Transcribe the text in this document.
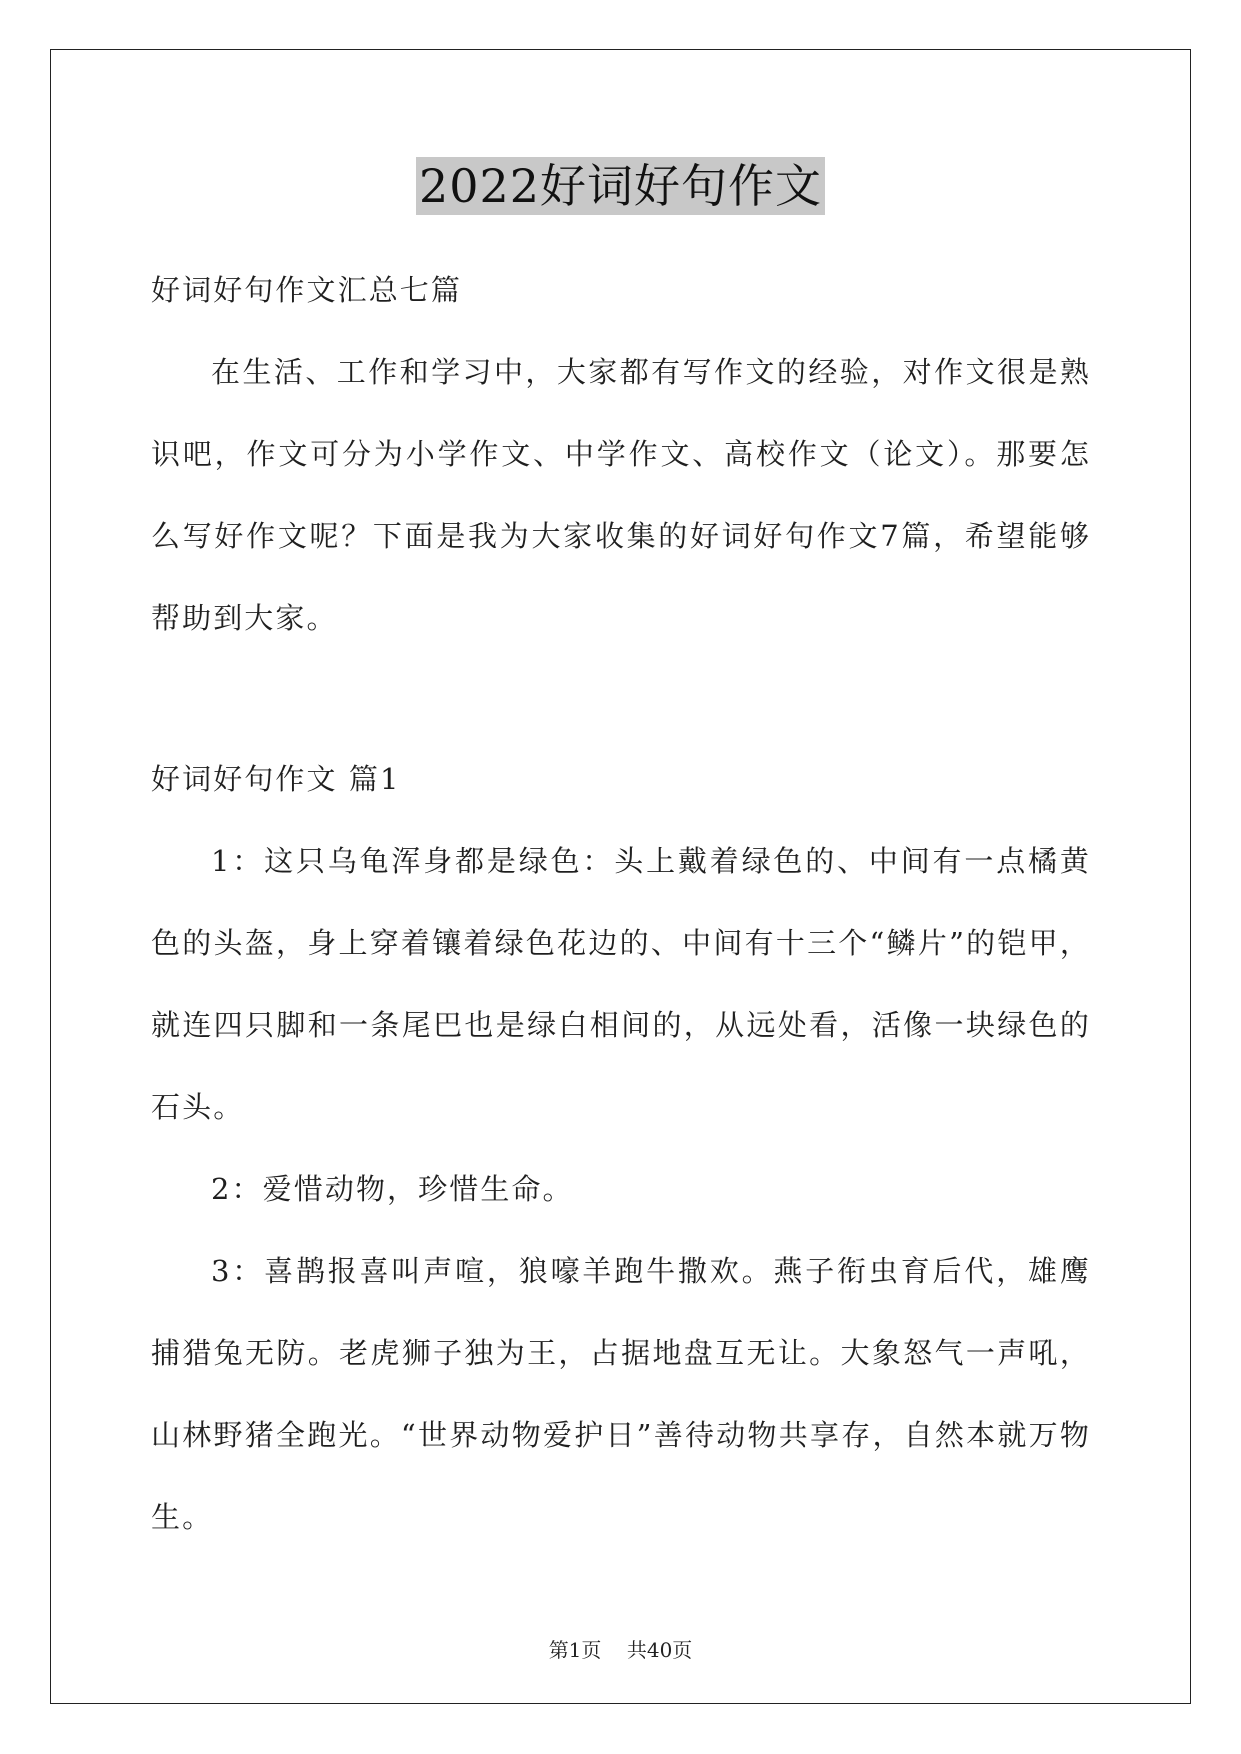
2022好词好句作文
好词好句作文汇总七篇
在生活、工作和学习中，大家都有写作文的经验，对作文很是熟识吧，作文可分为小学作文、中学作文、高校作文（论文）。那要怎么写好作文呢？下面是我为大家收集的好词好句作文7篇，希望能够帮助到大家。
好词好句作文 篇1
1：这只乌龟浑身都是绿色：头上戴着绿色的、中间有一点橘黄色的头盔，身上穿着镶着绿色花边的、中间有十三个“鳞片”的铠甲，就连四只脚和一条尾巴也是绿白相间的，从远处看，活像一块绿色的石头。
2：爱惜动物，珍惜生命。
3：喜鹊报喜叫声喧，狼嚎羊跑牛撒欢。燕子衔虫育后代，雄鹰捕猎兔无防。老虎狮子独为王，占据地盘互无让。大象怒气一声吼，山林野猪全跑光。“世界动物爱护日”善待动物共享存，自然本就万物生。
第1页 共40页
